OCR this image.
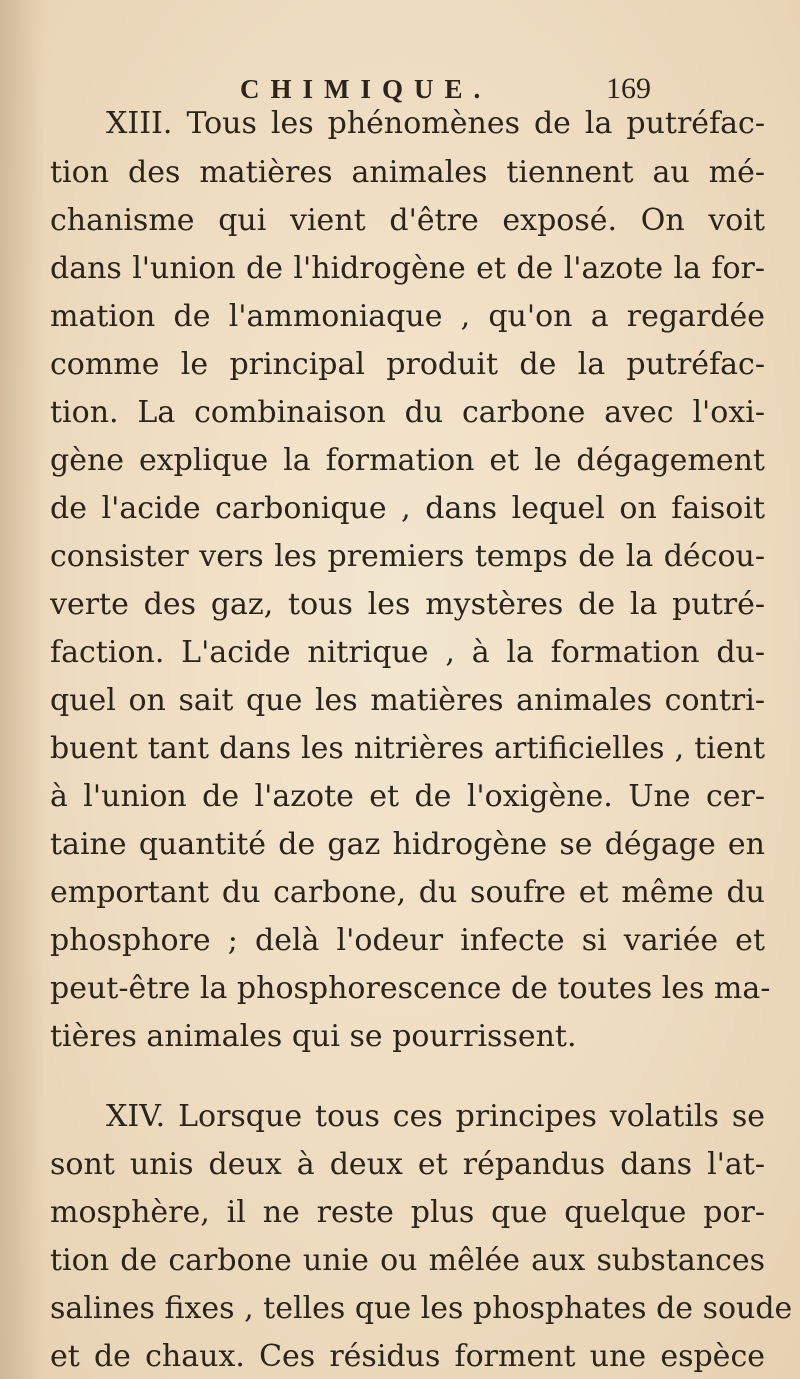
CHIMIQUE.	169
XIII. Tous les phénomènes de la putréfac-
tion des matières animales tiennent au mé-
chanisme qui vient d'être exposé. On voit
dans l'union de l'hidrogène et de l'azote la for-
mation de l'ammoniaque , qu'on a regardée
comme le principal produit de la putréfac-
tion. La combinaison du carbone avec l'oxi-
gène explique la formation et le dégagement
de l'acide carbonique , dans lequel on faisoit
consister vers les premiers temps de la décou-
verte des gaz, tous les mystères de la putré-
faction. L'acide nitrique , à la formation du-
quel on sait que les matières animales contri-
buent tant dans les nitrières artificielles , tient
à l'union de l'azote et de l'oxigène. Une cer-
taine quantité de gaz hidrogène se dégage en
emportant du carbone, du soufre et même du
phosphore ; delà l'odeur infecte si variée et
peut-être la phosphorescence de toutes les ma-
tières animales qui se pourrissent.
XIV. Lorsque tous ces principes volatils se
sont unis deux à deux et répandus dans l'at-
mosphère, il ne reste plus que quelque por-
tion de carbone unie ou mêlée aux substances
salines fixes , telles que les phosphates de soude
et de chaux. Ces résidus forment une espèce
